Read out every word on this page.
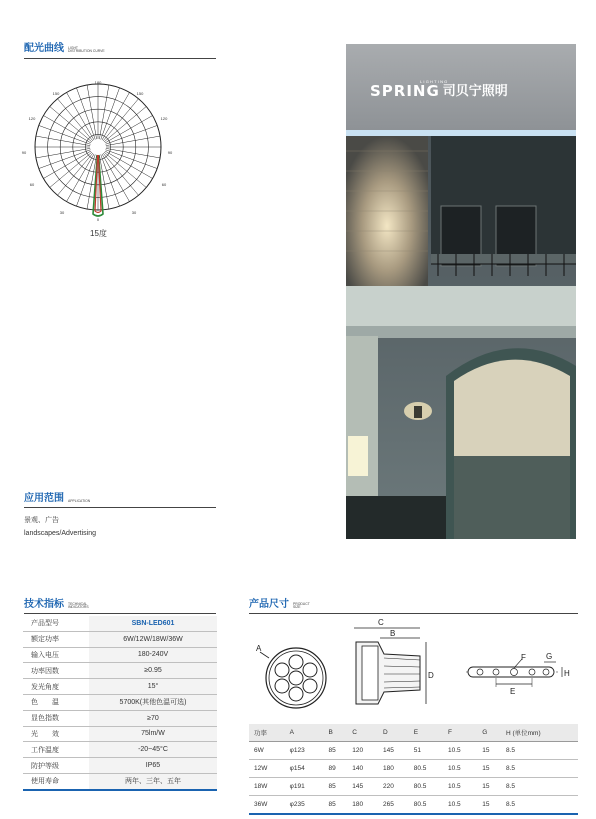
配光曲线 LIGHT
DISTRIBUTION CURVE
180
150	150
120	120
90	90
60	60
30	30
0
15度
LIGHTING
SPRING 司贝宁照明
应用范围 APPLICATION
景观、广告
landscapes/Advertising
技术指标 TECHNICAL
INDICATORS
产品型号	SBN-LED601
额定功率	6W/12W/18W/36W
输入电压	180-240V
功率因数	≥0.95
发光角度	15°
色　　温	5700K(其他色温可选)
显色指数	≥70
光　　效	75lm/W
工作温度	-20~45°C
防护等级	IP65
使用寿命	两年、三年、五年
产品尺寸 PRODUCT
SIZE
A
C
B
D
F
E
G
H
功率	A	B	C	D	E	F	G	H (单位mm)
6W	φ123	85	120	145	51	10.5	15	8.5
12W	φ154	89	140	180	80.5	10.5	15	8.5
18W	φ191	85	145	220	80.5	10.5	15	8.5
36W	φ235	85	180	265	80.5	10.5	15	8.5
